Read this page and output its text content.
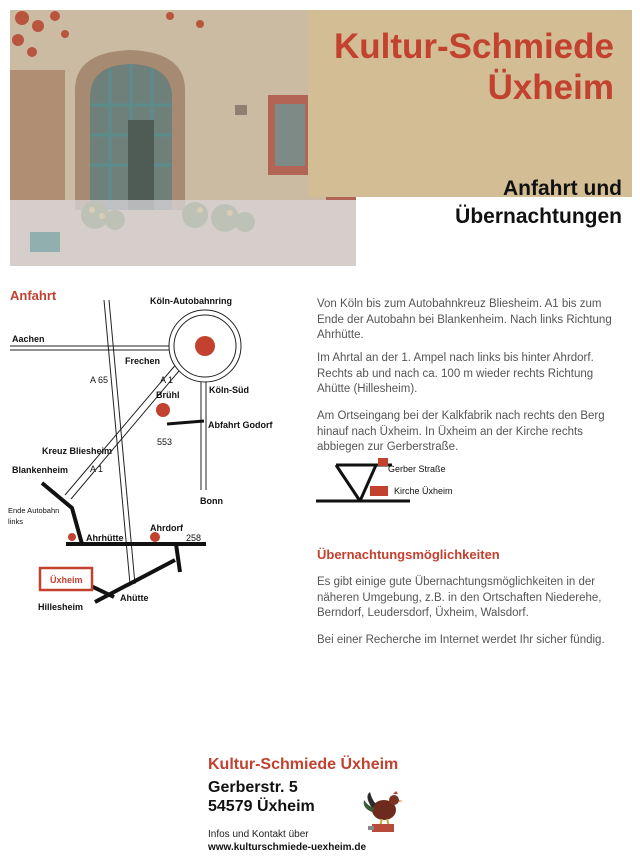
Kultur-Schmiede
Üxheim
Anfahrt und
Übernachtungen
Anfahrt	Köln-Autobahnring
Aachen
Frechen
A 65	A 1
Köln-Süd
Brühl
Abfahrt Godorf
553
Kreuz Bliesheim
Blankenheim A 1
Bonn
Ende Autobahn
links
Ahrdorf
Ahrhütte	258
Üxheim
Ahütte
Hillesheim

Von Köln bis zum Autobahnkreuz Bliesheim. A1 bis zum Ende der Autobahn bei Blankenheim. Nach links Richtung Ahrhütte.

Im Ahrtal an der 1. Ampel nach links bis hinter Ahrdorf. Rechts ab und nach ca. 100 m wieder rechts Richtung Ahütte (Hillesheim).

Am Ortseingang bei der Kalkfabrik nach rechts den Berg hinauf nach Üxheim. In Üxheim an der Kirche rechts abbiegen zur Gerberstraße.

Gerber Straße
Kirche Üxheim
Übernachtungsmöglichkeiten

Es gibt einige gute Übernachtungsmöglichkeiten in der näheren Umgebung, z.B. in den Ortschaften Niederehe, Berndorf, Leudersdorf, Üxheim, Walsdorf.

Bei einer Recherche im Internet werdet Ihr sicher fündig.

Kultur-Schmiede Üxheim
Gerberstr. 5
54579 Üxheim
Infos und Kontakt über
www.kulturschmiede-uexheim.de
